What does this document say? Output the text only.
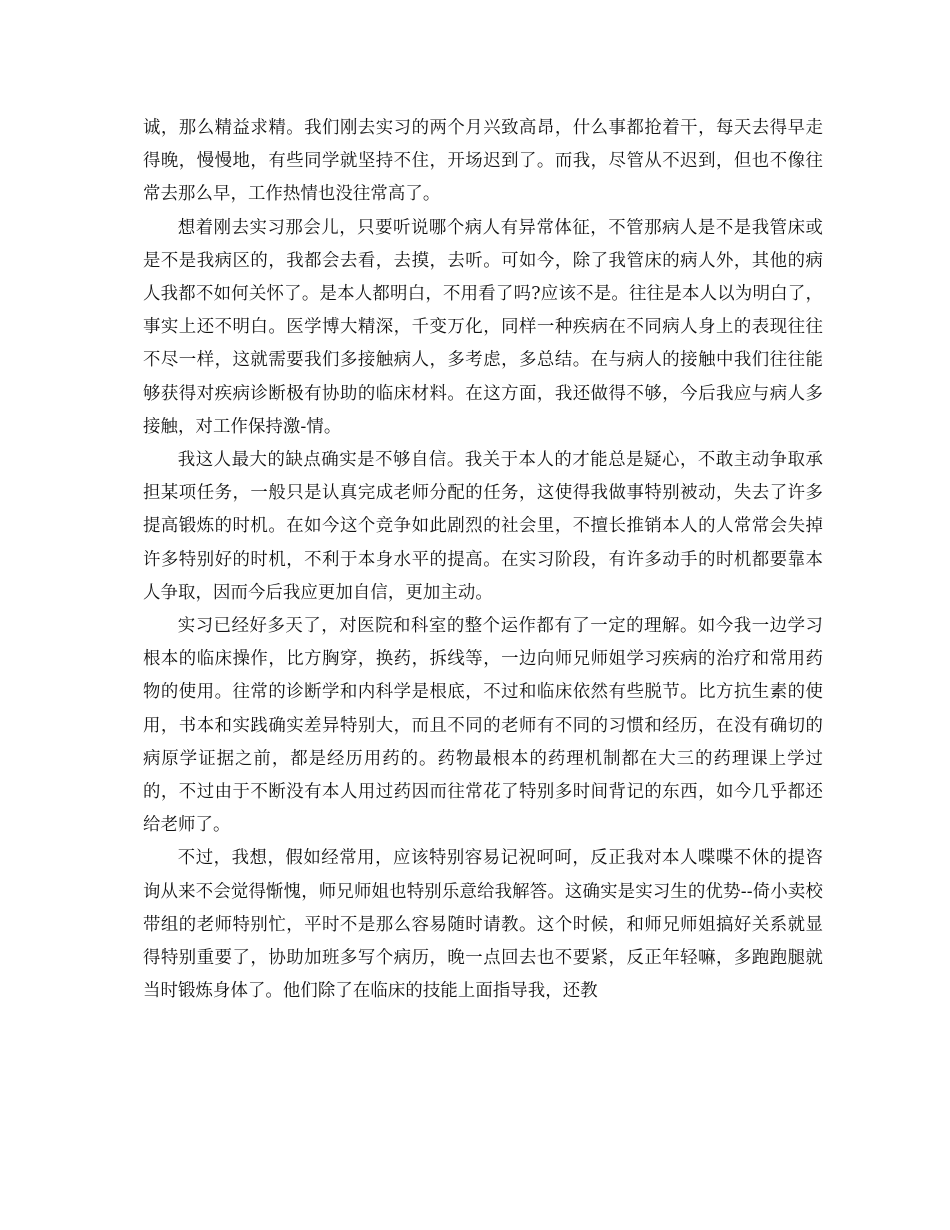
诚，那么精益求精。我们刚去实习的两个月兴致高昂，什么事都抢着干，每天去得早走得晚，慢慢地，有些同学就坚持不住，开场迟到了。而我，尽管从不迟到，但也不像往常去那么早，工作热情也没往常高了。

想着刚去实习那会儿，只要听说哪个病人有异常体征，不管那病人是不是我管床或是不是我病区的，我都会去看，去摸，去听。可如今，除了我管床的病人外，其他的病人我都不如何关怀了。是本人都明白，不用看了吗?应该不是。往往是本人以为明白了，事实上还不明白。医学博大精深，千变万化，同样一种疾病在不同病人身上的表现往往不尽一样，这就需要我们多接触病人，多考虑，多总结。在与病人的接触中我们往往能够获得对疾病诊断极有协助的临床材料。在这方面，我还做得不够，今后我应与病人多接触，对工作保持激-情。

我这人最大的缺点确实是不够自信。我关于本人的才能总是疑心，不敢主动争取承担某项任务，一般只是认真完成老师分配的任务，这使得我做事特别被动，失去了许多提高锻炼的时机。在如今这个竞争如此剧烈的社会里，不擅长推销本人的人常常会失掉许多特别好的时机，不利于本身水平的提高。在实习阶段，有许多动手的时机都要靠本人争取，因而今后我应更加自信，更加主动。

实习已经好多天了，对医院和科室的整个运作都有了一定的理解。如今我一边学习根本的临床操作，比方胸穿，换药，拆线等，一边向师兄师姐学习疾病的治疗和常用药物的使用。往常的诊断学和内科学是根底，不过和临床依然有些脱节。比方抗生素的使用，书本和实践确实差异特别大，而且不同的老师有不同的习惯和经历，在没有确切的病原学证据之前，都是经历用药的。药物最根本的药理机制都在大三的药理课上学过的，不过由于不断没有本人用过药因而往常花了特别多时间背记的东西，如今几乎都还给老师了。

不过，我想，假如经常用，应该特别容易记祝呵呵，反正我对本人喋喋不休的提咨询从来不会觉得惭愧，师兄师姐也特别乐意给我解答。这确实是实习生的优势--倚小卖校带组的老师特别忙，平时不是那么容易随时请教。这个时候，和师兄师姐搞好关系就显得特别重要了，协助加班多写个病历，晚一点回去也不要紧，反正年轻嘛，多跑跑腿就当时锻炼身体了。他们除了在临床的技能上面指导我，还教
